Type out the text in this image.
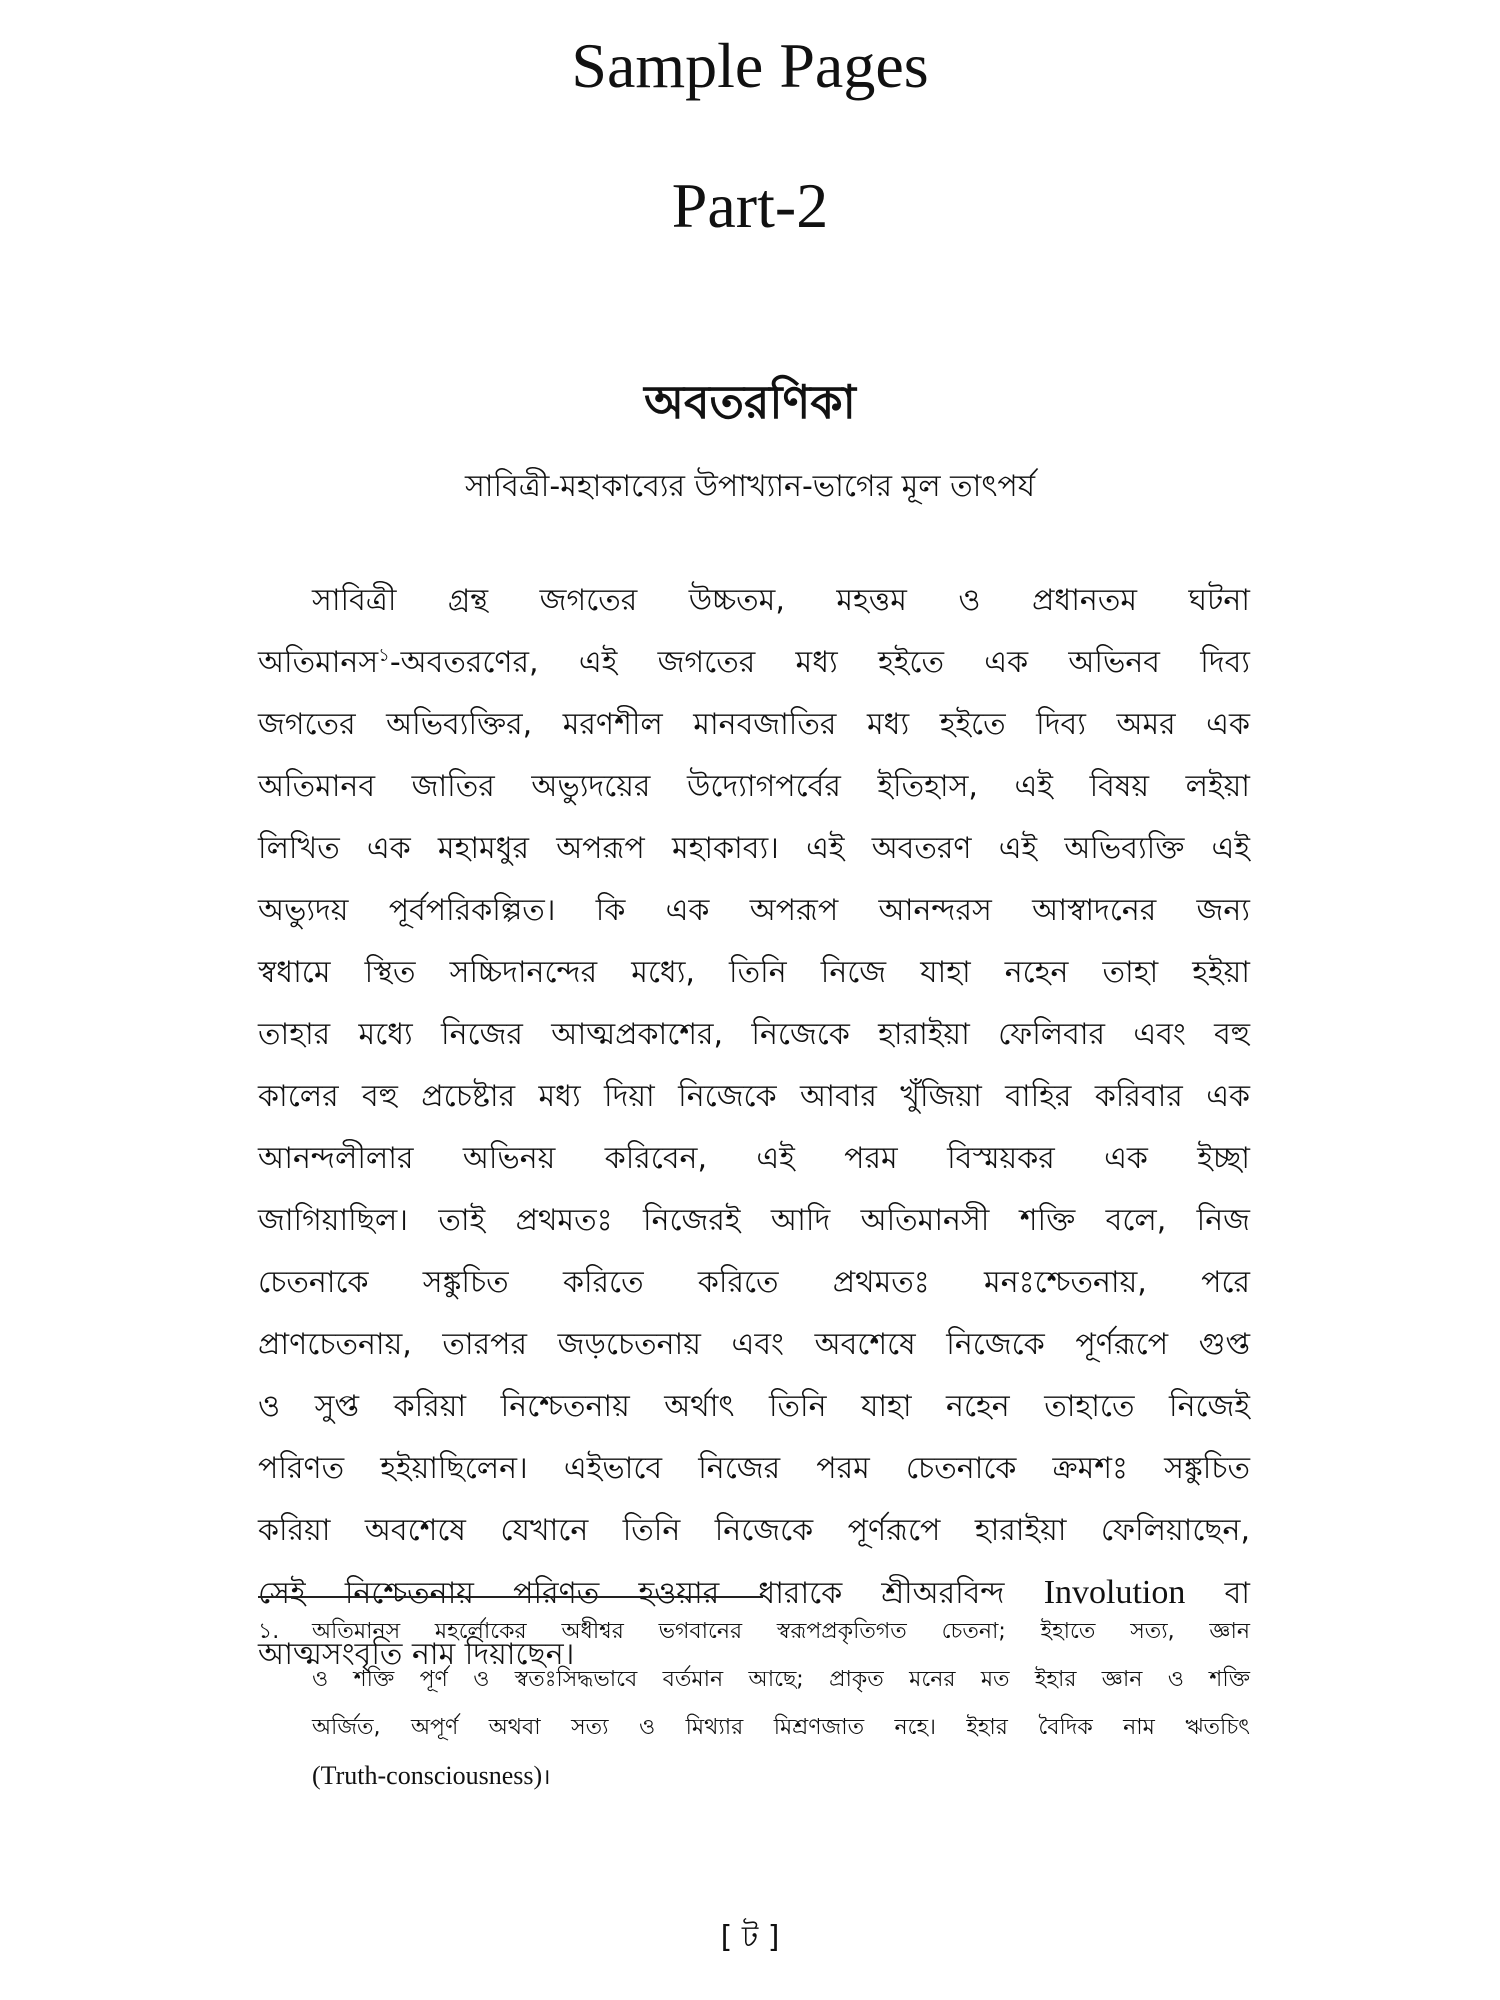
Sample Pages
Part-2
অবতরণিকা
সাবিত্রী-মহাকাব্যের উপাখ্যান-ভাগের মূল তাৎপর্য
সাবিত্রী গ্রন্থ জগতের উচ্চতম, মহত্তম ও প্রধানতম ঘটনা
অতিমানস$^১$-অবতরণের, এই জগতের মধ্য হইতে এক অভিনব দিব্য
জগতের অভিব্যক্তির, মরণশীল মানবজাতির মধ্য হইতে দিব্য অমর এক
অতিমানব জাতির অভ্যুদয়ের উদ্যোগপর্বের ইতিহাস, এই বিষয় লইয়া
লিখিত এক মহামধুর অপরূপ মহাকাব্য। এই অবতরণ এই অভিব্যক্তি এই
অভ্যুদয় পূর্বপরিকল্পিত। কি এক অপরূপ আনন্দরস আস্বাদনের জন্য
স্বধামে স্থিত সচ্চিদানন্দের মধ্যে, তিনি নিজে যাহা নহেন তাহা হইয়া
তাহার মধ্যে নিজের আত্মপ্রকাশের, নিজেকে হারাইয়া ফেলিবার এবং বহু
কালের বহু প্রচেষ্টার মধ্য দিয়া নিজেকে আবার খুঁজিয়া বাহির করিবার এক
আনন্দলীলার অভিনয় করিবেন, এই পরম বিস্ময়কর এক ইচ্ছা
জাগিয়াছিল। তাই প্রথমতঃ নিজেরই আদি অতিমানসী শক্তি বলে, নিজ
চেতনাকে সঙ্কুচিত করিতে করিতে প্রথমতঃ মনঃশ্চেতনায়, পরে
প্রাণচেতনায়, তারপর জড়চেতনায় এবং অবশেষে নিজেকে পূর্ণরূপে গুপ্ত
ও সুপ্ত করিয়া নিশ্চেতনায় অর্থাৎ তিনি যাহা নহেন তাহাতে নিজেই
পরিণত হইয়াছিলেন। এইভাবে নিজের পরম চেতনাকে ক্রমশঃ সঙ্কুচিত
করিয়া অবশেষে যেখানে তিনি নিজেকে পূর্ণরূপে হারাইয়া ফেলিয়াছেন,
সেই নিশ্চেতনায় পরিণত হওয়ার ধারাকে শ্রীঅরবিন্দ Involution বা
আত্মসংবৃতি নাম দিয়াছেন।
১. অতিমানস মহর্লোকের অধীশ্বর ভগবানের স্বরূপপ্রকৃতিগত চেতনা; ইহাতে সত্য, জ্ঞান
ও শক্তি পূর্ণ ও স্বতঃসিদ্ধভাবে বর্তমান আছে; প্রাকৃত মনের মত ইহার জ্ঞান ও শক্তি
অর্জিত, অপূর্ণ অথবা সত্য ও মিথ্যার মিশ্রণজাত নহে। ইহার বৈদিক নাম ঋতচিৎ
(Truth-consciousness)।
[ ট ]
